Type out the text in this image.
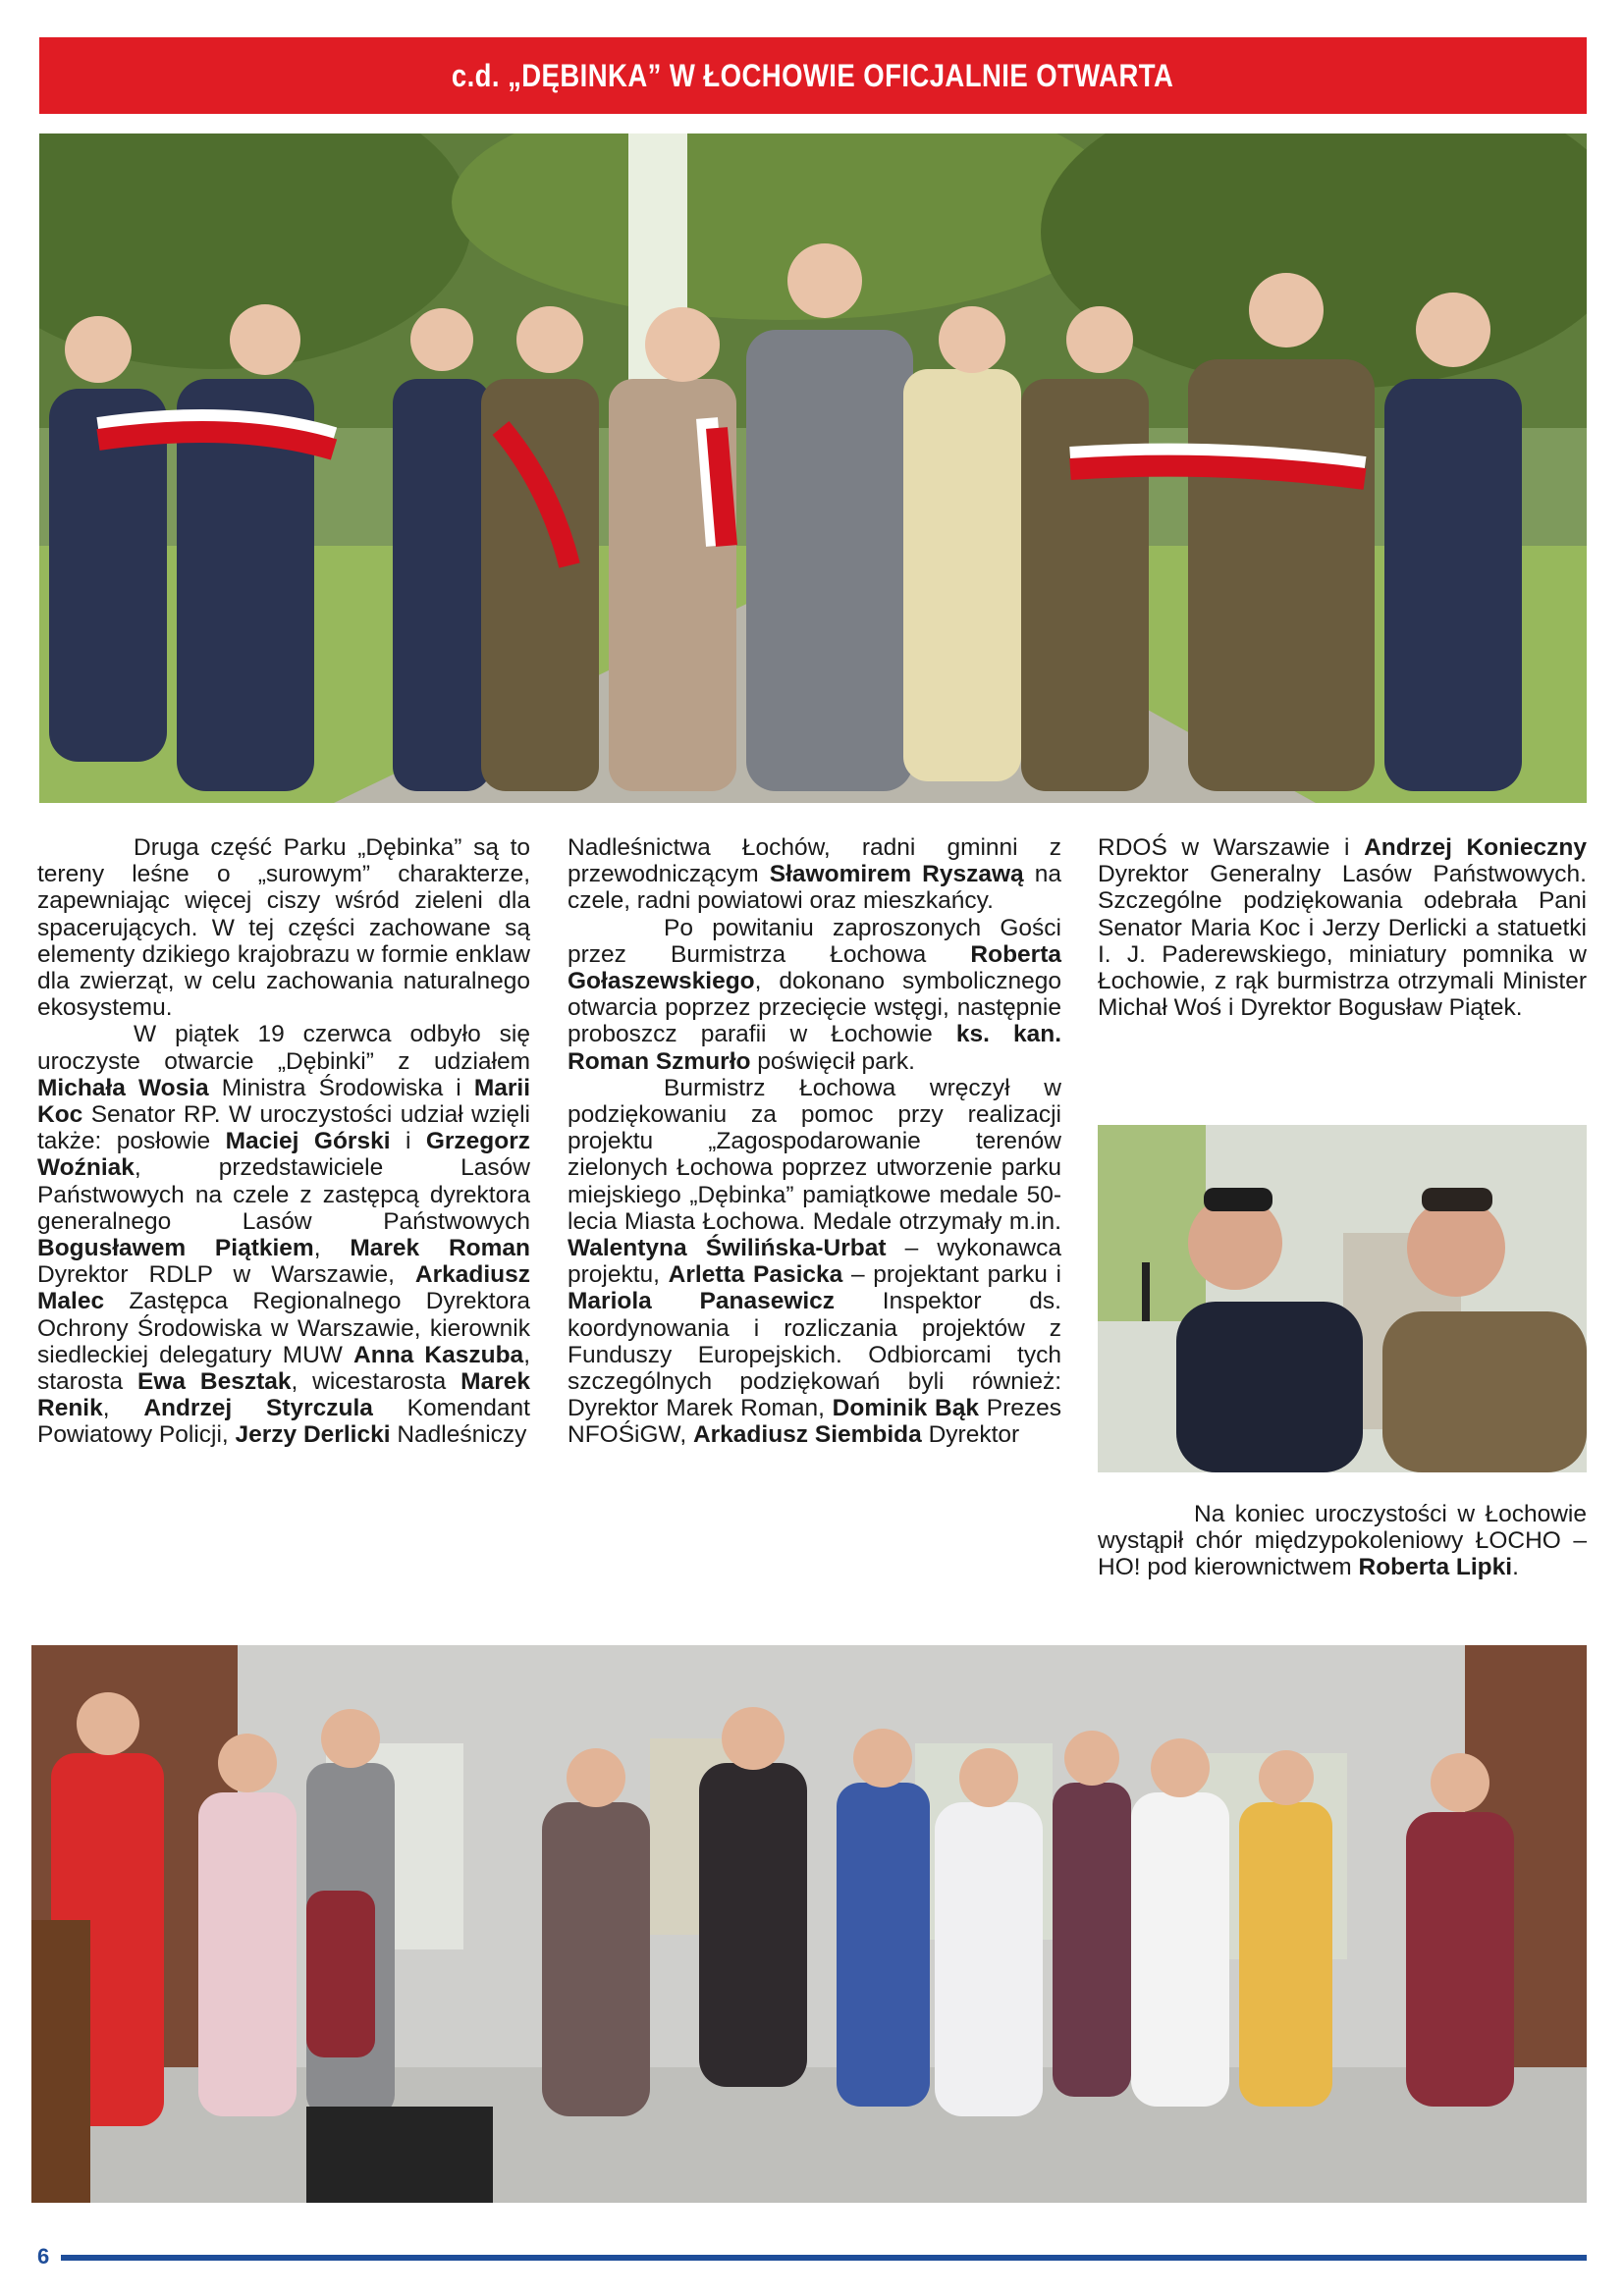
c.d. „DĘBINKA” W ŁOCHOWIE OFICJALNIE OTWARTA

Druga część Parku „Dębinka” są to tereny leśne o „surowym” charakterze, zapewniając więcej ciszy wśród zieleni dla spacerujących. W tej części zachowane są elementy dzikiego krajobrazu w formie enklaw dla zwierząt, w celu zachowania naturalnego ekosystemu.

W piątek 19 czerwca odbyło się uroczyste otwarcie „Dębinki” z udziałem Michała Wosia Ministra Środowiska i Marii Koc Senator RP. W uroczystości udział wzięli także: posłowie Maciej Górski i Grzegorz Woźniak, przedstawiciele Lasów Państwowych na czele z zastępcą dyrektora generalnego Lasów Państwowych Bogusławem Piątkiem, Marek Roman Dyrektor RDLP w Warszawie, Arkadiusz Malec Zastępca Regionalnego Dyrektora Ochrony Środowiska w Warszawie, kierownik siedleckiej delegatury MUW Anna Kaszuba, starosta Ewa Besztak, wicestarosta Marek Renik, Andrzej Styrczula Komendant Powiatowy Policji, Jerzy Derlicki Nadleśniczy

Nadleśnictwa Łochów, radni gminni z przewodniczącym Sławomirem Ryszawą na czele, radni powiatowi oraz mieszkańcy.

Po powitaniu zaproszonych Gości przez Burmistrza Łochowa Roberta Gołaszewskiego, dokonano symbolicznego otwarcia poprzez przecięcie wstęgi, następnie proboszcz parafii w Łochowie ks. kan. Roman Szmurło poświęcił park.

Burmistrz Łochowa wręczył w podziękowaniu za pomoc przy realizacji projektu „Zagospodarowanie terenów zielonych Łochowa poprzez utworzenie parku miejskiego „Dębinka” pamiątkowe medale 50-lecia Miasta Łochowa. Medale otrzymały m.in. Walentyna Świlińska-Urbat – wykonawca projektu, Arletta Pasicka – projektant parku i Mariola Panasewicz Inspektor ds. koordynowania i rozliczania projektów z Funduszy Europejskich. Odbiorcami tych szczególnych podziękowań byli również: Dyrektor Marek Roman, Dominik Bąk Prezes NFOŚiGW, Arkadiusz Siembida Dyrektor

RDOŚ w Warszawie i Andrzej Konieczny Dyrektor Generalny Lasów Państwowych. Szczególne podziękowania odebrała Pani Senator Maria Koc i Jerzy Derlicki a statuetki I. J. Paderewskiego, miniatury pomnika w Łochowie, z rąk burmistrza otrzymali Minister Michał Woś i Dyrektor Bogusław Piątek.

Na koniec uroczystości w Łochowie wystąpił chór międzypokoleniowy ŁOCHO – HO! pod kierownictwem Roberta Lipki.

6
